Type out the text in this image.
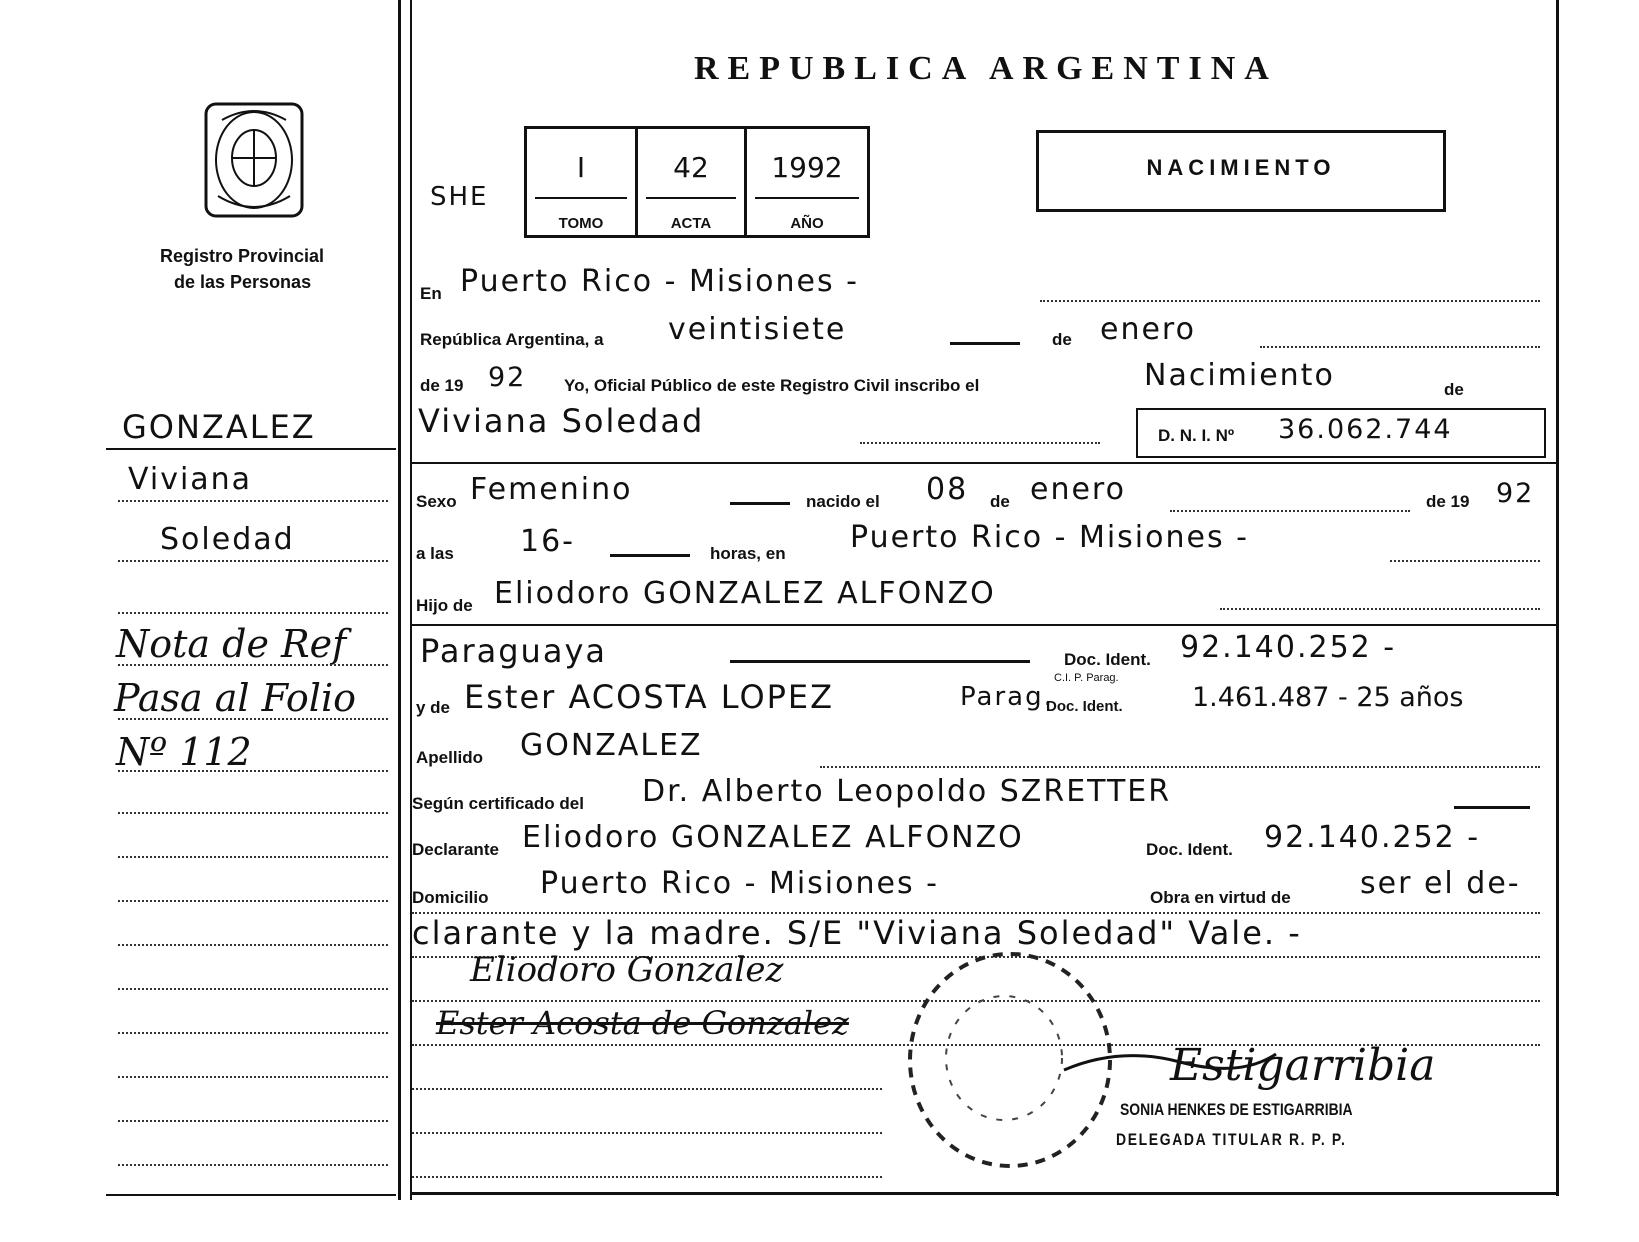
Registro Provincial
de las Personas
GONZALEZ
Viviana
Soledad
Nota de Ref
Pasa al Folio
Nº 112
REPUBLICA ARGENTINA
SHE
I
TOMO
42
ACTA
1992
AÑO
NACIMIENTO
En Puerto Rico - Misiones -
República Argentina, a veintisiete	de enero
de 19 92 Yo, Oficial Público de este Registro Civil inscribo el	Nacimiento	de
Viviana Soledad	D. N. I. Nº 36.062.744
Sexo Femenino	nacido el 08 de enero	de 19 92
a las 16-	horas, en Puerto Rico - Misiones -
Hijo de Eliodoro GONZALEZ ALFONZO
Paraguaya	Doc. Ident. 92.140.252 -
y de Ester ACOSTA LOPEZ	Parag.
C.I. P. Parag.
Doc. Ident.	1.461.487 - 25 años
Apellido GONZALEZ
Según certificado del Dr. Alberto Leopoldo SZRETTER
Declarante Eliodoro GONZALEZ ALFONZO	Doc. Ident. 92.140.252 -
Domicilio Puerto Rico - Misiones -	Obra en virtud de ser el de-
clarante y la madre. S/E "Viviana Soledad" Vale. -
Eliodoro Gonzalez
Ester Acosta de Gonzalez
Estigarribia
SONIA HENKES DE ESTIGARRIBIA
DELEGADA TITULAR R. P. P.
